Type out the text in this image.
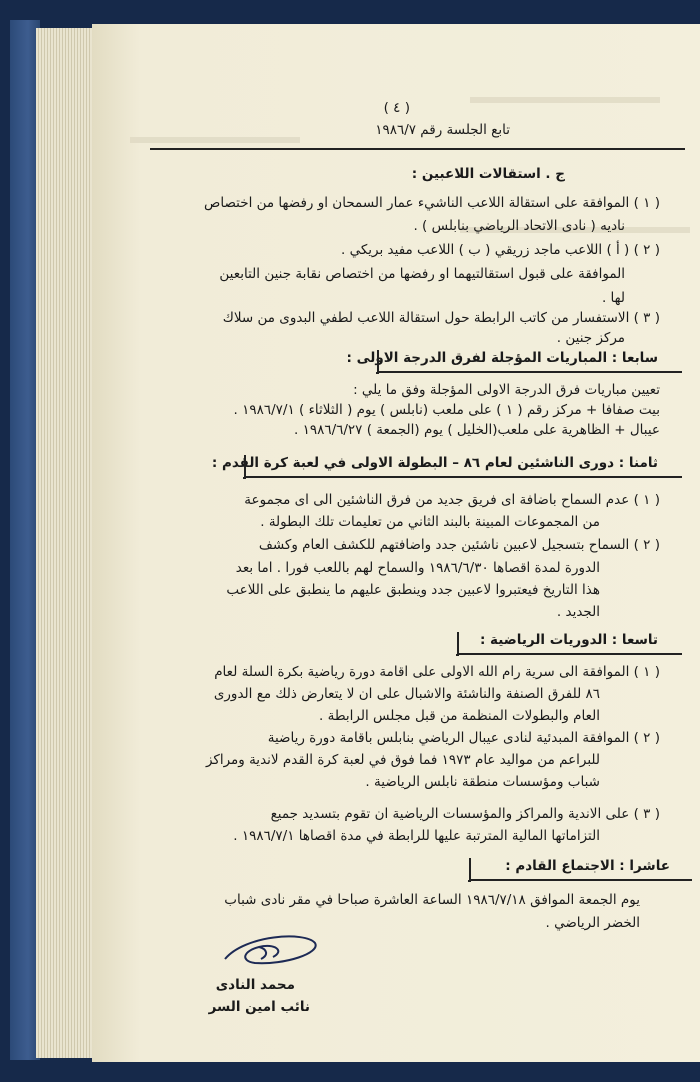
( ٤ )
تابع الجلسة رقم ١٩٨٦/٧
ج . استقالات اللاعبين :
( ١ ) الموافقة على استقالة اللاعب الناشيء عمار السمحان او رفضها من اختصاص
ناديه ( نادى الاتحاد الرياضي بنابلس ) .
( ٢ ) ( أ ) اللاعب ماجد زريقي ( ب ) اللاعب مفيد بريكي .
الموافقة على قبول استقالتيهما او رفضها من اختصاص نقابة جنين التابعين
لها .
( ٣ ) الاستفسار من كاتب الرابطة حول استقالة اللاعب لطفي البدوى من سلاك
مركز جنين .
سابعا : المباريات المؤجلة لفرق الدرجة الاولى :
تعيين مباريات فرق الدرجة الاولى المؤجلة وفق ما يلي :
بيت صفافا + مركز رقم ( ١ ) على ملعب (نابلس ) يوم ( الثلاثاء ) ١٩٨٦/٧/١ .
عيبال + الظاهرية على ملعب(الخليل ) يوم (الجمعة ) ١٩٨٦/٦/٢٧ .
ثامنا : دورى الناشئين لعام ٨٦ – البطولة الاولى في لعبة كرة القدم :
( ١ ) عدم السماح باضافة اى فريق جديد من فرق الناشئين الى اى مجموعة
من المجموعات المبينة بالبند الثاني من تعليمات تلك البطولة .
( ٢ ) السماح بتسجيل لاعبين ناشئين جدد واضافتهم للكشف العام وكشف
الدورة لمدة اقصاها ١٩٨٦/٦/٣٠ والسماح لهم باللعب فورا . اما بعد
هذا التاريخ فيعتبروا لاعبين جدد وينطبق عليهم ما ينطبق على اللاعب
الجديد .
تاسعا : الدوريات الرياضية :
( ١ ) الموافقة الى سرية رام الله الاولى على اقامة دورة رياضية بكرة السلة لعام
٨٦ للفرق الصنفة والناشئة والاشبال على ان لا يتعارض ذلك مع الدورى
العام والبطولات المنظمة من قبل مجلس الرابطة .
( ٢ ) الموافقة المبدئية لنادى عيبال الرياضي بنابلس باقامة دورة رياضية
للبراعم من مواليد عام ١٩٧٣ فما فوق في لعبة كرة القدم لاندية ومراكز
شباب ومؤسسات منطقة نابلس الرياضية .
( ٣ ) على الاندية والمراكز والمؤسسات الرياضية ان تقوم بتسديد جميع
التزاماتها المالية المترتبة عليها للرابطة في مدة اقصاها ١٩٨٦/٧/١ .
عاشرا : الاجتماع القادم :
يوم الجمعة الموافق ١٩٨٦/٧/١٨ الساعة العاشرة صباحا في مقر نادى شباب
الخضر الرياضي .
محمد النادى
نائب امين السر
